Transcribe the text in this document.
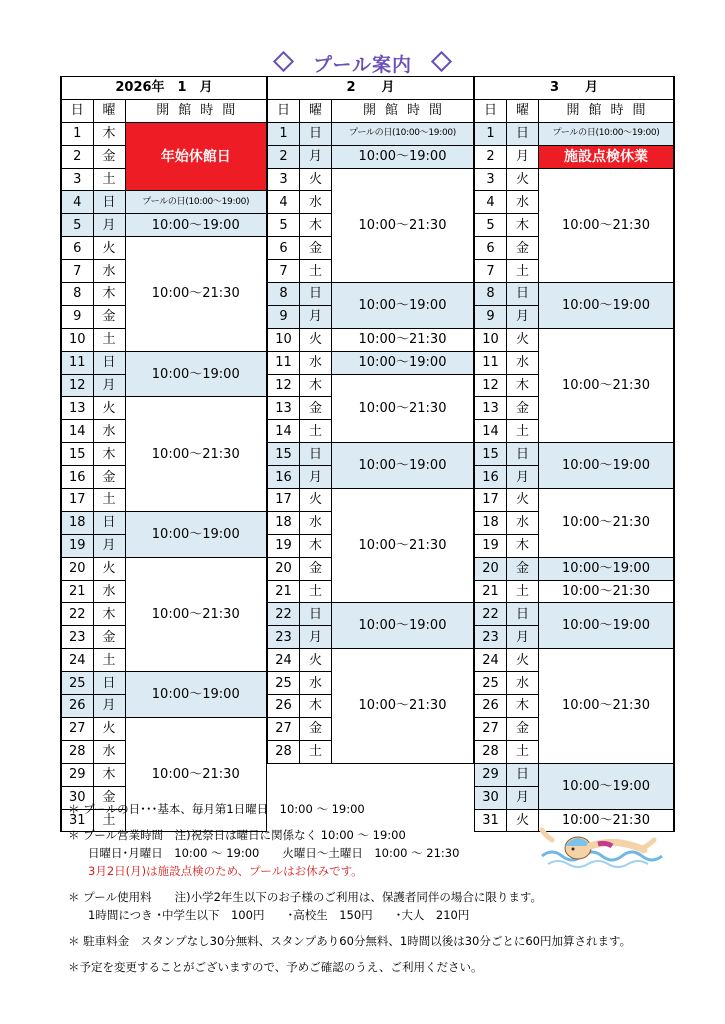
プール案内
2026年　1　月		
日	曜	開館時間
1	木	年始休館日
2	金	
3	土	
4	日	プールの日(10:00～19:00)
5	月	10:00～19:00
6	火	10:00～21:30
7	水	
8	木	
9	金	
10	土	
11	日	10:00～19:00
12	月	
13	火	10:00～21:30
14	水	
15	木	
16	金	
17	土	
18	日	10:00～19:00
19	月	
20	火	10:00～21:30
21	水	
22	木	
23	金	
24	土	
25	日	10:00～19:00
26	月	
27	火	10:00～21:30
28	水	
29	木	
30	金	
31	土	
2　　月		
日	曜	開館時間
1	日	プールの日(10:00～19:00)
2	月	10:00～19:00
3	火	10:00～21:30
4	水	
5	木	
6	金	
7	土	
8	日	10:00～19:00
9	月	
10	火	10:00～21:30
11	水	10:00～19:00
12	木	10:00～21:30
13	金	
14	土	
15	日	10:00～19:00
16	月	
17	火	10:00～21:30
18	水	
19	木	
20	金	
21	土	
22	日	10:00～19:00
23	月	
24	火	10:00～21:30
25	水	
26	木	
27	金	
28	土	

3　　月		
日	曜	開館時間
1	日	プールの日(10:00～19:00)
2	月	施設点検休業
3	火	10:00～21:30
4	水	
5	木	
6	金	
7	土	
8	日	10:00～19:00
9	月	
10	火	10:00～21:30
11	水	
12	木	
13	金	
14	土	
15	日	10:00～19:00
16	月	
17	火	10:00～21:30
18	水	
19	木	
20	金	10:00～19:00
21	土	10:00～21:30
22	日	10:00～19:00
23	月	
24	火	10:00～21:30
25	水	
26	木	
27	金	
28	土	
29	日	10:00～19:00
30	月	
31	火	10:00～21:30
＊ プールの日･･･基本、毎月第1日曜日　10:00 ～ 19:00
＊ プール営業時間　注)祝祭日は曜日に関係なく 10:00 ～ 19:00
日曜日･月曜日　10:00 ～ 19:00　　火曜日～土曜日　10:00 ～ 21:30
3月2日(月)は施設点検のため、プールはお休みです。
＊ プール使用料　　注)小学2年生以下のお子様のご利用は、保護者同伴の場合に限ります。
1時間につき ･中学生以下　100円　　･高校生　150円　　･大人　210円
＊ 駐車料金　スタンプなし30分無料、スタンプあり60分無料、1時間以後は30分ごとに60円加算されます。
＊予定を変更することがございますので、予めご確認のうえ、ご利用ください。
